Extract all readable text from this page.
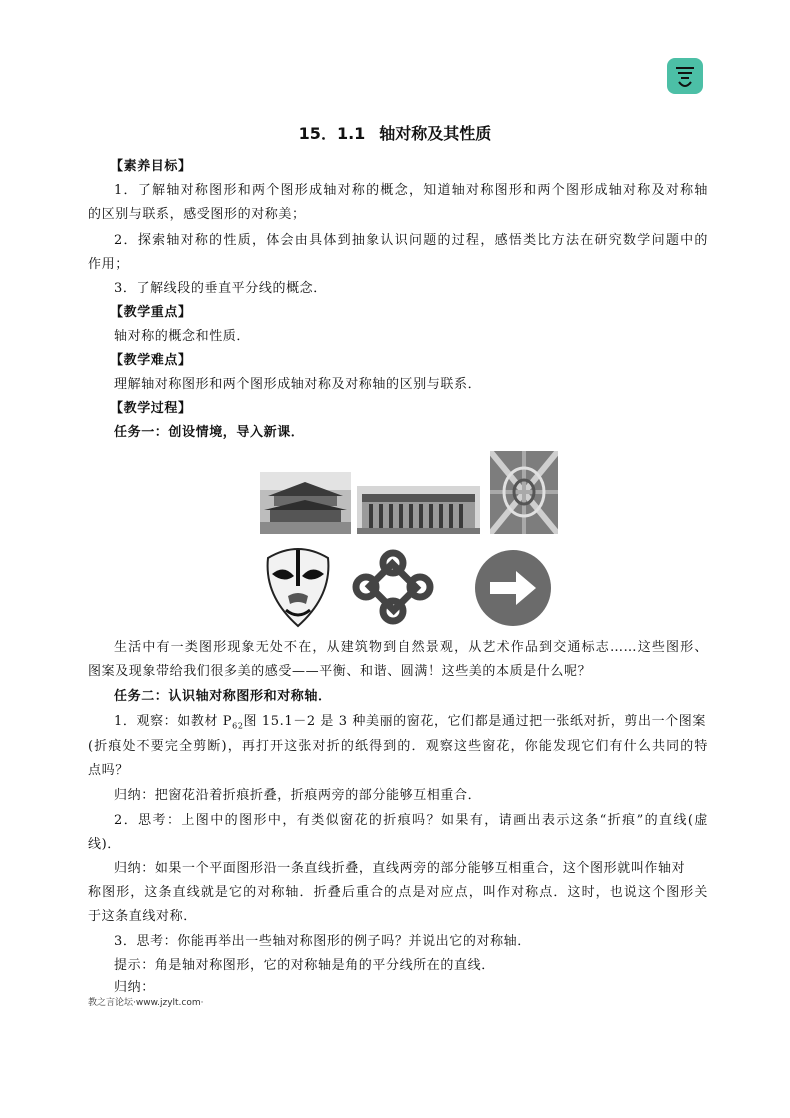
15．1.1 轴对称及其性质
【素养目标】
1．了解轴对称图形和两个图形成轴对称的概念，知道轴对称图形和两个图形成轴对称及对称轴
的区别与联系，感受图形的对称美；
2．探索轴对称的性质，体会由具体到抽象认识问题的过程，感悟类比方法在研究数学问题中的
作用；
3．了解线段的垂直平分线的概念．
【教学重点】
轴对称的概念和性质．
【教学难点】
理解轴对称图形和两个图形成轴对称及对称轴的区别与联系．
【教学过程】
任务一：创设情境，导入新课．
生活中有一类图形现象无处不在，从建筑物到自然景观，从艺术作品到交通标志……这些图形、
图案及现象带给我们很多美的感受——平衡、和谐、圆满！这些美的本质是什么呢？
任务二：认识轴对称图形和对称轴．
1．观察：如教材 $P_{62}$图 15.1－2 是 3 种美丽的窗花，它们都是通过把一张纸对折，剪出一个图案
(折痕处不要完全剪断)，再打开这张对折的纸得到的．观察这些窗花，你能发现它们有什么共同的特
点吗？
归纳：把窗花沿着折痕折叠，折痕两旁的部分能够互相重合．
2．思考：上图中的图形中，有类似窗花的折痕吗？如果有，请画出表示这条“折痕”的直线(虚
线)．
归纳：如果一个平面图形沿一条直线折叠，直线两旁的部分能够互相重合，这个图形就叫作轴对
称图形，这条直线就是它的对称轴．折叠后重合的点是对应点，叫作对称点．这时，也说这个图形关
于这条直线对称．
3．思考：你能再举出一些轴对称图形的例子吗？并说出它的对称轴．
提示：角是轴对称图形，它的对称轴是角的平分线所在的直线．
归纳：
教之言论坛·www.jzylt.com·
